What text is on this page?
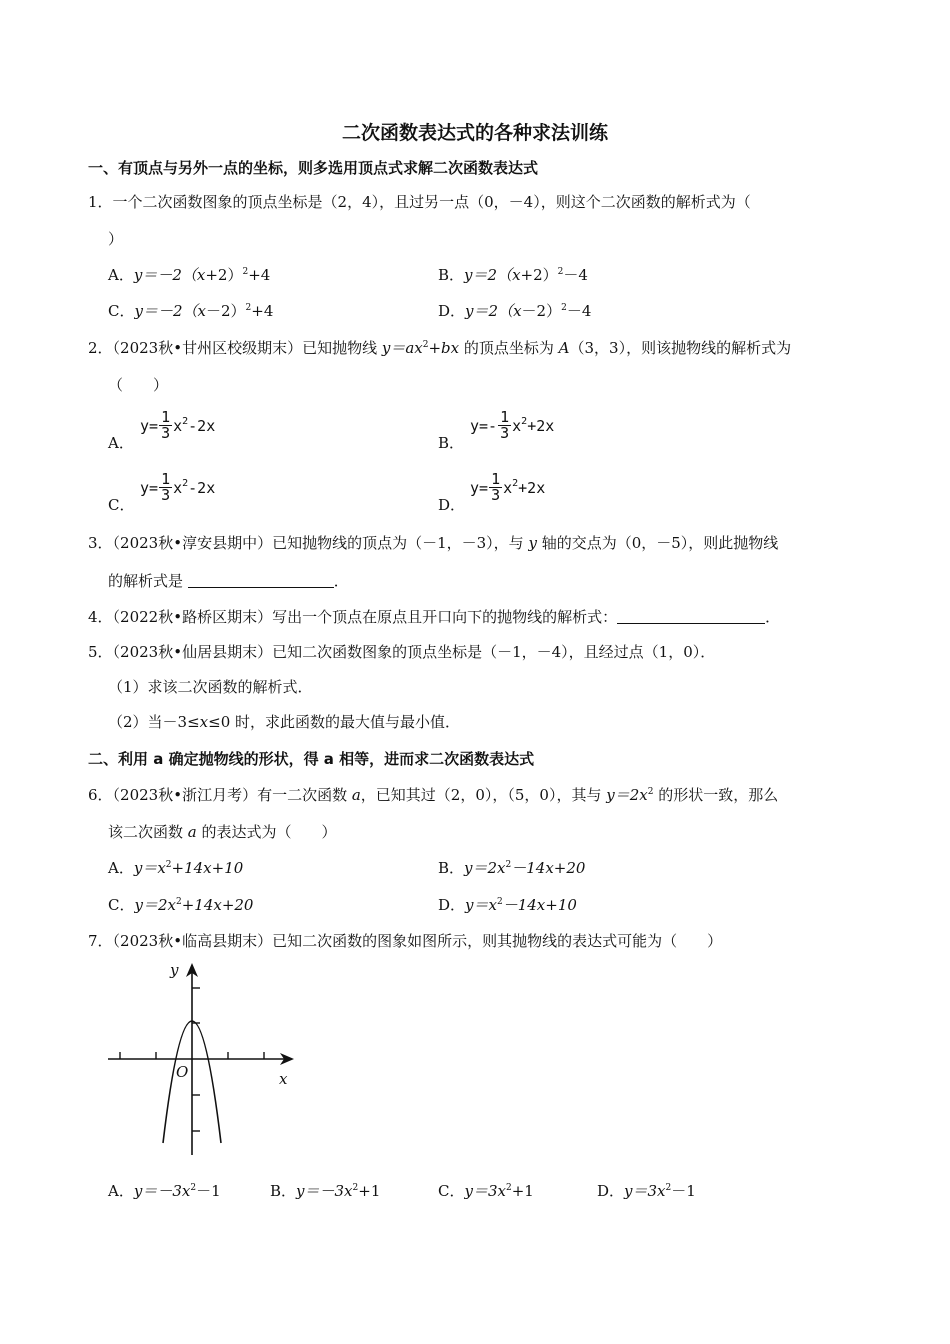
二次函数表达式的各种求法训练
一、有顶点与另外一点的坐标，则多选用顶点式求解二次函数表达式
1．一个二次函数图象的顶点坐标是（2，4），且过另一点（0，－4），则这个二次函数的解析式为（
）
A．$y=-2(x+2)^2+4$	B．$y=2(x+2)^2-4$
C．$y=-2(x-2)^2+4$	D．$y=2(x-2)^2-4$
2．（2023秋•甘州区校级期末）已知抛物线 $y=ax^2+bx$ 的顶点坐标为 A（3，3），则该抛物线的解析式为
（　　）
A．
$y= \frac{1}{3} x^2-2x$
B．
$y=- \frac{1}{3} x^2+2x$
C．
$y= \frac{1}{3} x^2-2x$
D．
$y= \frac{1}{3} x^2+2x$
3．（2023秋•淳安县期中）已知抛物线的顶点为（－1，－3），与 y 轴的交点为（0，－5），则此抛物线
的解析式是	．
4．（2022秋•路桥区期末）写出一个顶点在原点且开口向下的抛物线的解析式：	．
5．（2023秋•仙居县期末）已知二次函数图象的顶点坐标是（－1，－4），且经过点（1，0）．
（1）求该二次函数的解析式．
（2）当－3≤x≤0 时，求此函数的最大值与最小值．
二、利用 a 确定抛物线的形状，得 a 相等，进而求二次函数表达式
6．（2023秋•浙江月考）有一二次函数 a，已知其过（2，0），（5，0），其与 $y=2x^2$ 的形状一致，那么
该二次函数 a 的表达式为（　　）
A．$y=x^2+14x+10$	B．$y=2x^2-14x+20$
C．$y=2x^2+14x+20$	D．$y=x^2-14x+10$
7．（2023秋•临高县期末）已知二次函数的图象如图所示，则其抛物线的表达式可能为（　　）
y
x
O
A．$y=-3x^2-1$	B．$y=-3x^2+1$	C．$y=3x^2+1$	D．$y=3x^2-1$
